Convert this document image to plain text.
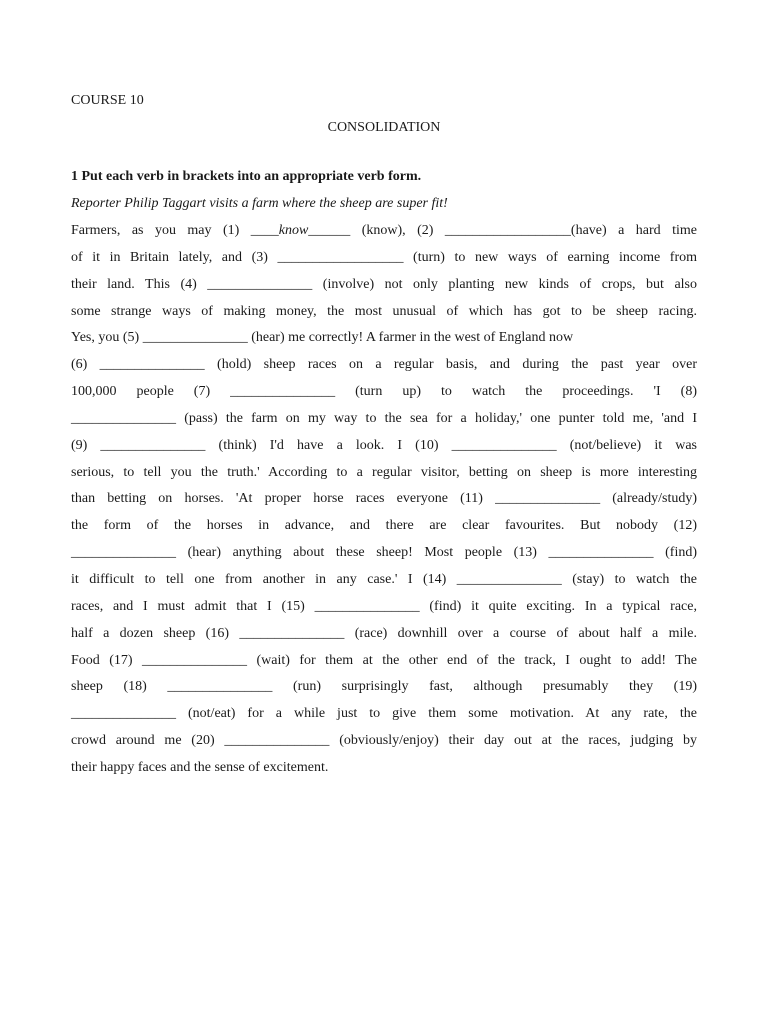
COURSE 10
CONSOLIDATION
1 Put each verb in brackets into an appropriate verb form.
Reporter Philip Taggart visits a farm where the sheep are super fit!
Farmers, as you may (1) ____know______ (know), (2) __________________(have) a hard time
of it in Britain lately, and (3) __________________ (turn) to new ways of earning income from
their land. This (4) _______________ (involve) not only planting new kinds of crops, but also
some strange ways of making money, the most unusual of which has got to be sheep racing.
Yes, you (5) _______________ (hear) me correctly! A farmer in the west of England now
(6) _______________ (hold) sheep races on a regular basis, and during the past year over
100,000 people (7) _______________ (turn up) to watch the proceedings. 'I (8)
_______________ (pass) the farm on my way to the sea for a holiday,' one punter told me, 'and I
(9) _______________ (think) I'd have a look. I (10) _______________ (not/believe) it was
serious, to tell you the truth.' According to a regular visitor, betting on sheep is more interesting
than betting on horses. 'At proper horse races everyone (11) _______________ (already/study)
the form of the horses in advance, and there are clear favourites. But nobody (12)
_______________ (hear) anything about these sheep! Most people (13) _______________ (find)
it difficult to tell one from another in any case.' I (14) _______________ (stay) to watch the
races, and I must admit that I (15) _______________ (find) it quite exciting. In a typical race,
half a dozen sheep (16) _______________ (race) downhill over a course of about half a mile.
Food (17) _______________ (wait) for them at the other end of the track, I ought to add! The
sheep (18) _______________ (run) surprisingly fast, although presumably they (19)
_______________ (not/eat) for a while just to give them some motivation. At any rate, the
crowd around me (20) _______________ (obviously/enjoy) their day out at the races, judging by
their happy faces and the sense of excitement.
